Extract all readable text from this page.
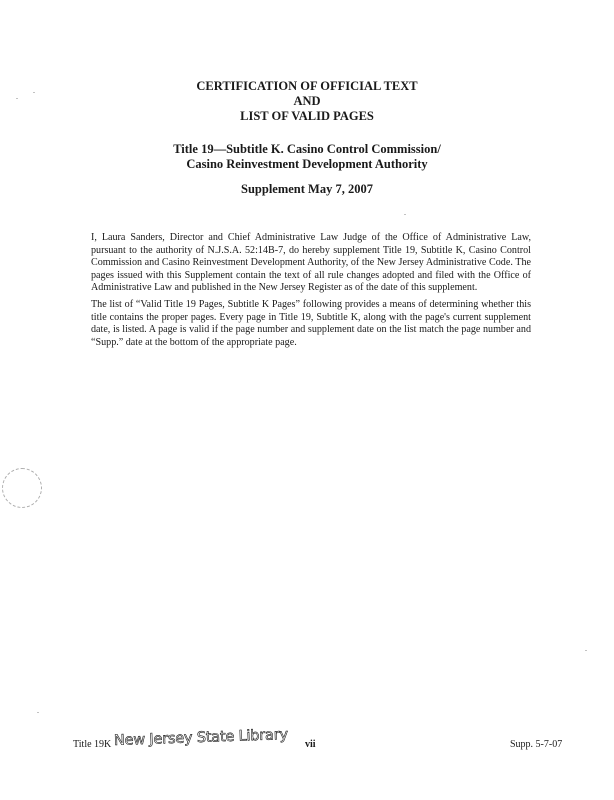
CERTIFICATION OF OFFICIAL TEXT
AND
LIST OF VALID PAGES
Title 19—Subtitle K. Casino Control Commission/
Casino Reinvestment Development Authority
Supplement May 7, 2007

I, Laura Sanders, Director and Chief Administrative Law Judge of the Office of Administrative Law, pursuant to the authority of N.J.S.A. 52:14B-7, do hereby supplement Title 19, Subtitle K, Casino Control Commission and Casino Reinvestment Development Authority, of the New Jersey Administrative Code. The pages issued with this Supplement contain the text of all rule changes adopted and filed with the Office of Administrative Law and published in the New Jersey Register as of the date of this supplement.

The list of “Valid Title 19 Pages, Subtitle K Pages” following provides a means of determining whether this title contains the proper pages. Every page in Title 19, Subtitle K, along with the page's current supplement date, is listed. A page is valid if the page number and supplement date on the list match the page number and “Supp.” date at the bottom of the appropriate page.

Title 19K New Jersey State Library vii	Supp. 5-7-07
